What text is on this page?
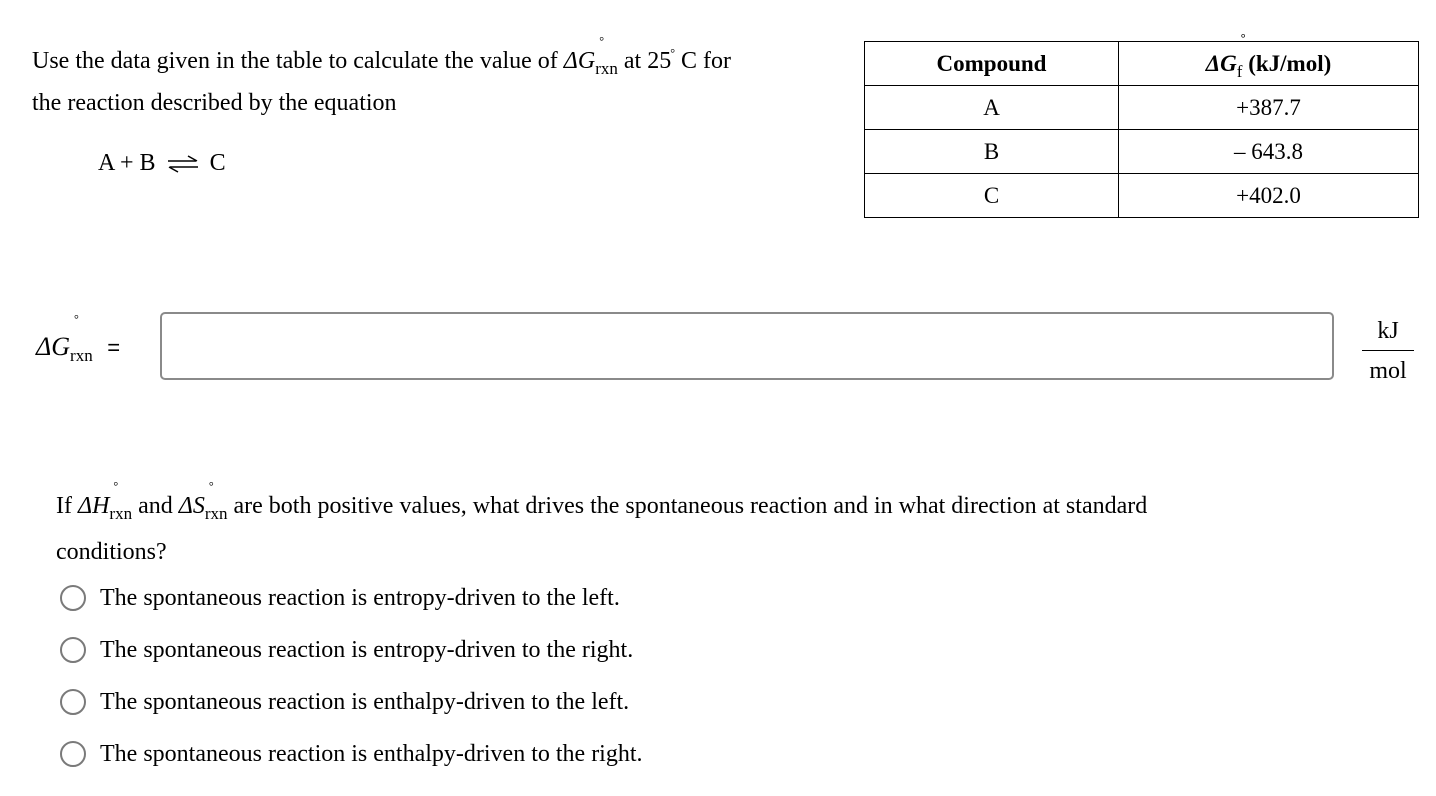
Use the data given in the table to calculate the value of ΔG
°
$_{rxn}$ at 25° C for
the reaction described by the equation
A + B ⇌ C
Compound	ΔG
°
$_f$ (kJ/mol)
A	+387.7
B	– 643.8
C	+402.0
ΔG
°
$_{rxn}$ =
kJ
mol
If ΔH
°
$_{rxn}$ and ΔS
°
$_{rxn}$ are both positive values, what drives the spontaneous reaction and in what direction at standard conditions?
The spontaneous reaction is entropy-driven to the left.
The spontaneous reaction is entropy-driven to the right.
The spontaneous reaction is enthalpy-driven to the left.
The spontaneous reaction is enthalpy-driven to the right.
